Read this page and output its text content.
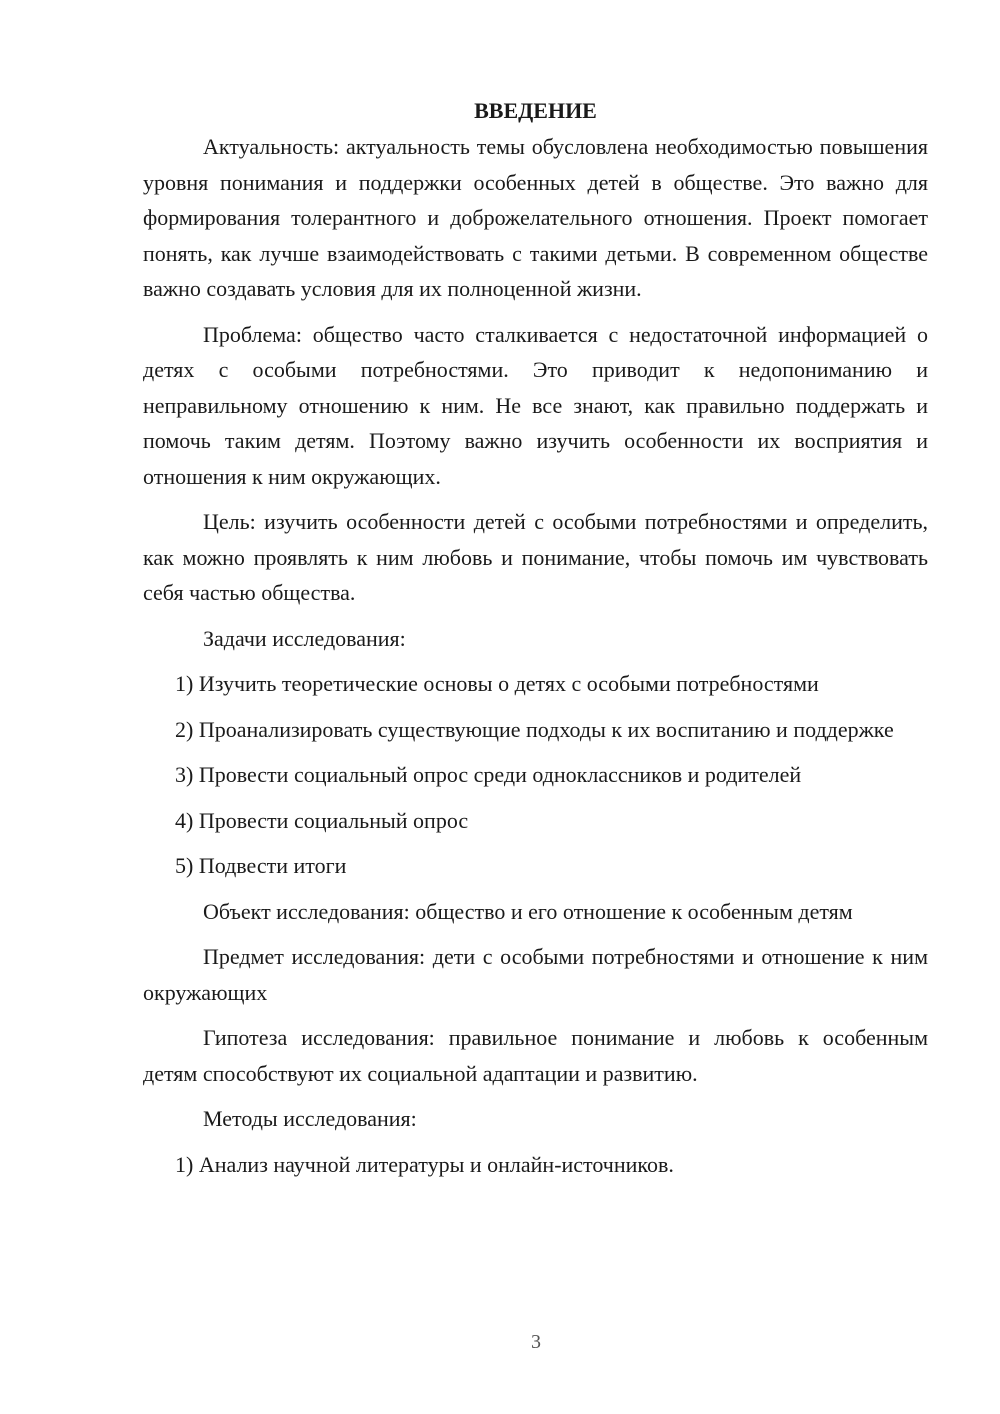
ВВЕДЕНИЕ

Актуальность: актуальность темы обусловлена необходимостью повышения уровня понимания и поддержки особенных детей в обществе. Это важно для формирования толерантного и доброжелательного отношения. Проект помогает понять, как лучше взаимодействовать с такими детьми. В современном обществе важно создавать условия для их полноценной жизни.

Проблема: общество часто сталкивается с недостаточной информацией о детях с особыми потребностями. Это приводит к недопониманию и неправильному отношению к ним. Не все знают, как правильно поддержать и помочь таким детям. Поэтому важно изучить особенности их восприятия и отношения к ним окружающих.

Цель: изучить особенности детей с особыми потребностями и определить, как можно проявлять к ним любовь и понимание, чтобы помочь им чувствовать себя частью общества.

Задачи исследования:

1) Изучить теоретические основы о детях с особыми потребностями

2) Проанализировать существующие подходы к их воспитанию и поддержке

3) Провести социальный опрос среди одноклассников и родителей

4) Провести социальный опрос

5) Подвести итоги

Объект исследования: общество и его отношение к особенным детям

Предмет исследования: дети с особыми потребностями и отношение к ним окружающих

Гипотеза исследования: правильное понимание и любовь к особенным детям способствуют их социальной адаптации и развитию.

Методы исследования:

1) Анализ научной литературы и онлайн-источников.

3
